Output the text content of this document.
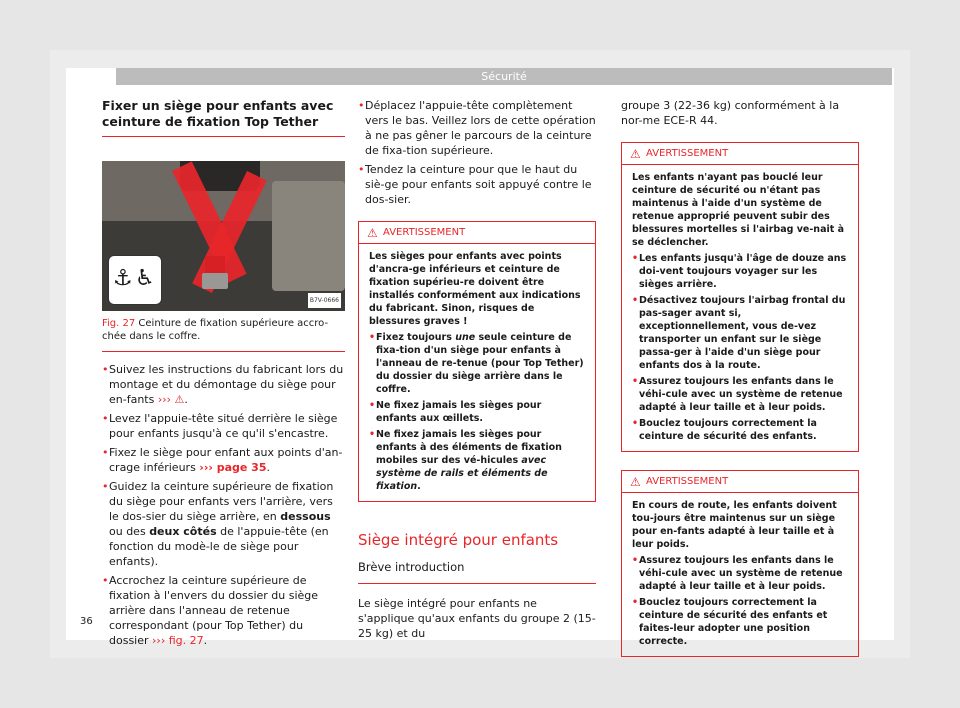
Sécurité
Fixer un siège pour enfants avec ceinture de fixation Top Tether
⚓ ♿
B7V-0666
Fig. 27 Ceinture de fixation supérieure accro-chée dans le coffre.
• Suivez les instructions du fabricant lors du montage et du démontage du siège pour en-fants ››› ⚠.
• Levez l'appuie-tête situé derrière le siège pour enfants jusqu'à ce qu'il s'encastre.
• Fixez le siège pour enfant aux points d'an-crage inférieurs ››› page 35.
• Guidez la ceinture supérieure de fixation du siège pour enfants vers l'arrière, vers le dos-sier du siège arrière, en dessous ou des deux côtés de l'appuie-tête (en fonction du modè-le de siège pour enfants).
• Accrochez la ceinture supérieure de fixation à l'envers du dossier du siège arrière dans l'anneau de retenue correspondant (pour Top Tether) du dossier ››› fig. 27.
• Déplacez l'appuie-tête complètement vers le bas. Veillez lors de cette opération à ne pas gêner le parcours de la ceinture de fixa-tion supérieure.
• Tendez la ceinture pour que le haut du siè-ge pour enfants soit appuyé contre le dos-sier.
⚠ AVERTISSEMENT
Les sièges pour enfants avec points d'ancra-ge inférieurs et ceinture de fixation supérieu-re doivent être installés conformément aux indications du fabricant. Sinon, risques de blessures graves !
• Fixez toujours une seule ceinture de fixa-tion d'un siège pour enfants à l'anneau de re-tenue (pour Top Tether) du dossier du siège arrière dans le coffre.
• Ne fixez jamais les sièges pour enfants aux œillets.
• Ne fixez jamais les sièges pour enfants à des éléments de fixation mobiles sur des vé-hicules avec système de rails et éléments de fixation.
Siège intégré pour enfants
Brève introduction
Le siège intégré pour enfants ne s'applique qu'aux enfants du groupe 2 (15-25 kg) et du
groupe 3 (22-36 kg) conformément à la nor-me ECE-R 44.
⚠ AVERTISSEMENT
Les enfants n'ayant pas bouclé leur ceinture de sécurité ou n'étant pas maintenus à l'aide d'un système de retenue approprié peuvent subir des blessures mortelles si l'airbag ve-nait à se déclencher.
• Les enfants jusqu'à l'âge de douze ans doi-vent toujours voyager sur les sièges arrière.
• Désactivez toujours l'airbag frontal du pas-sager avant si, exceptionnellement, vous de-vez transporter un enfant sur le siège passa-ger à l'aide d'un siège pour enfants dos à la route.
• Assurez toujours les enfants dans le véhi-cule avec un système de retenue adapté à leur taille et à leur poids.
• Bouclez toujours correctement la ceinture de sécurité des enfants.
⚠ AVERTISSEMENT
En cours de route, les enfants doivent tou-jours être maintenus sur un siège pour en-fants adapté à leur taille et à leur poids.
• Assurez toujours les enfants dans le véhi-cule avec un système de retenue adapté à leur taille et à leur poids.
• Bouclez toujours correctement la ceinture de sécurité des enfants et faites-leur adopter une position correcte.
36
